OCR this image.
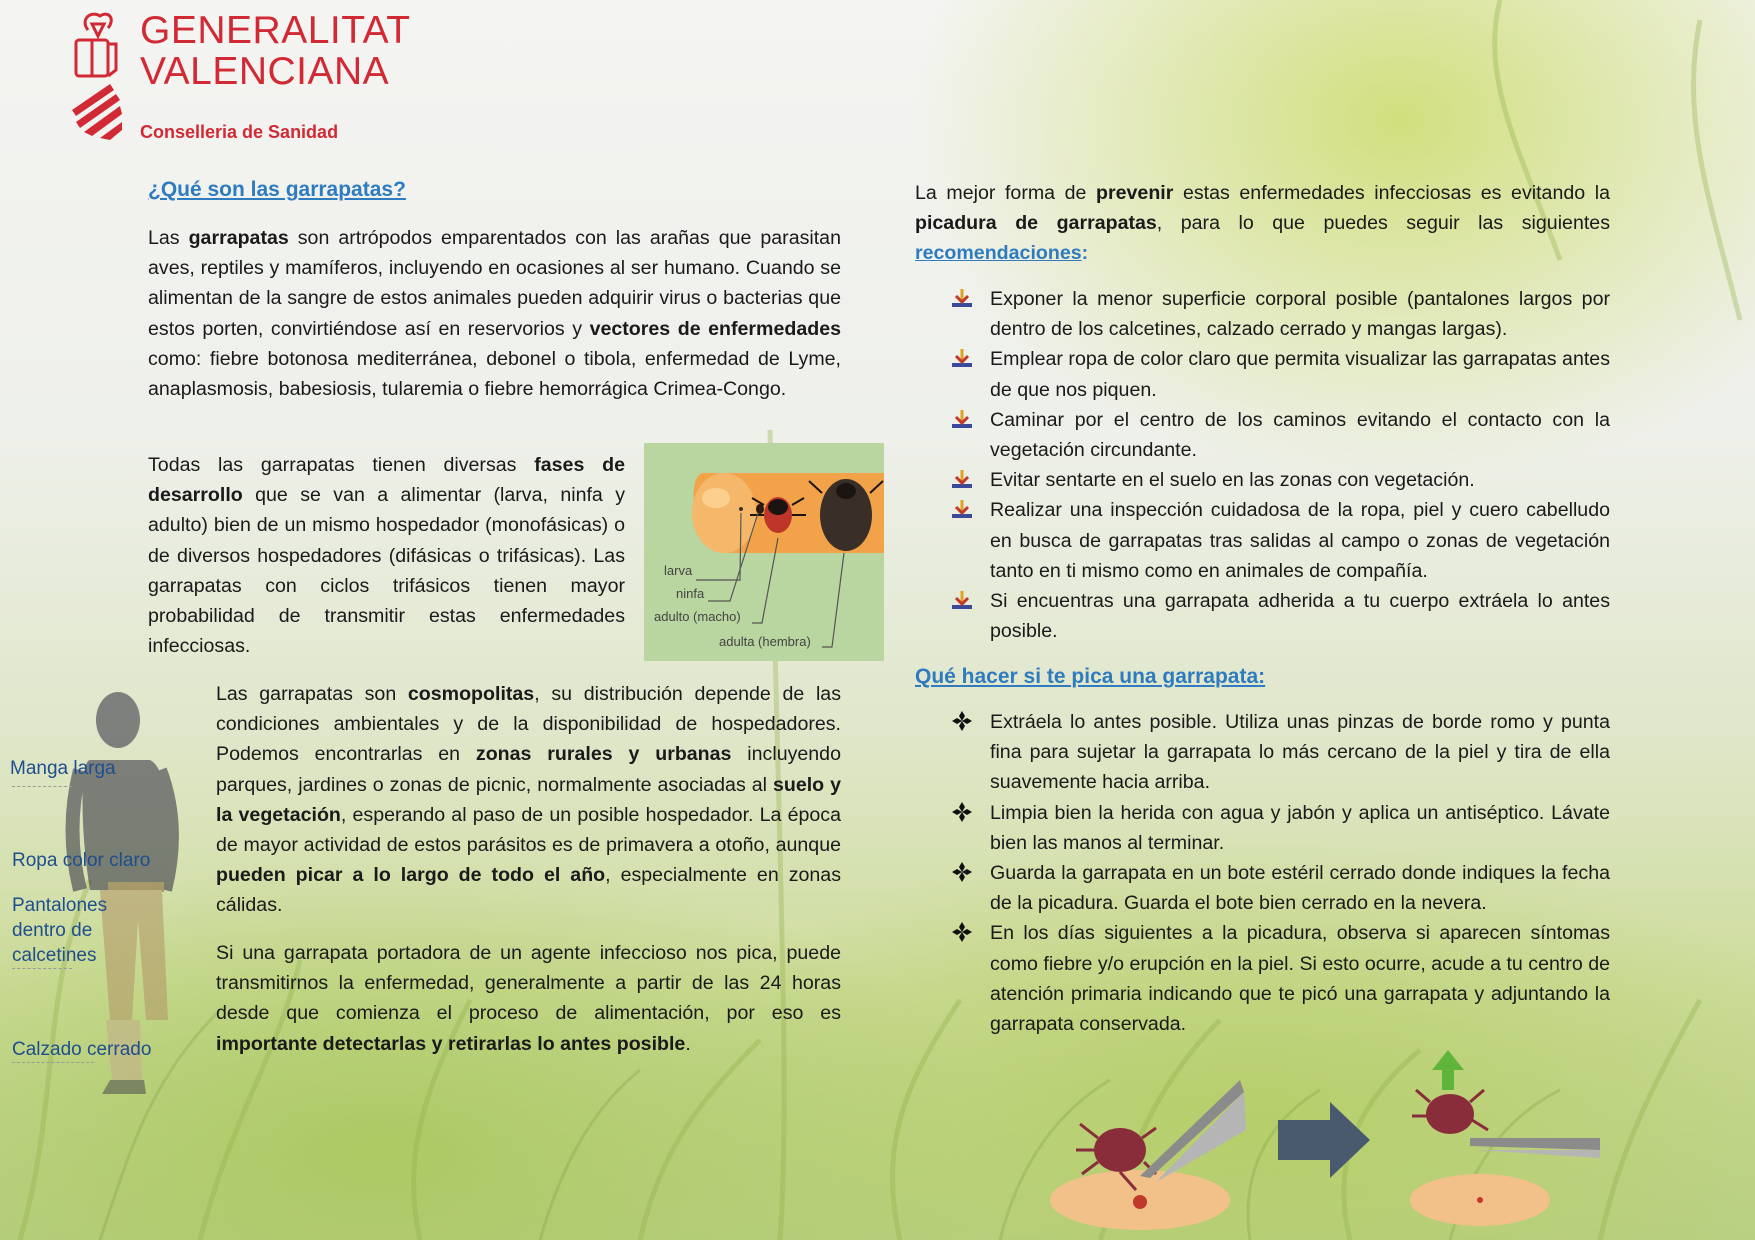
GENERALITAT
VALENCIANA
Conselleria de Sanidad
¿Qué son las garrapatas?
Las garrapatas son artrópodos emparentados con las arañas que parasitan aves, reptiles y mamíferos, incluyendo en ocasiones al ser humano. Cuando se alimentan de la sangre de estos animales pueden adquirir virus o bacterias que estos porten, convirtiéndose así en reservorios y vectores de enfermedades como: fiebre botonosa mediterránea, debonel o tibola, enfermedad de Lyme, anaplasmosis, babesiosis, tularemia o fiebre hemorrágica Crimea-Congo.
Todas las garrapatas tienen diversas fases de desarrollo que se van a alimentar (larva, ninfa y adulto) bien de un mismo hospedador (monofásicas) o de diversos hospedadores (difásicas o trifásicas). Las garrapatas con ciclos trifásicos tienen mayor probabilidad de transmitir estas enfermedades infecciosas.
larva
ninfa
adulto (macho)
adulta (hembra)
Las garrapatas son cosmopolitas, su distribución depende de las condiciones ambientales y de la disponibilidad de hospedadores. Podemos encontrarlas en zonas rurales y urbanas incluyendo parques, jardines o zonas de picnic, normalmente asociadas al suelo y la vegetación, esperando al paso de un posible hospedador. La época de mayor actividad de estos parásitos es de primavera a otoño, aunque pueden picar a lo largo de todo el año, especialmente en zonas cálidas.
Si una garrapata portadora de un agente infeccioso nos pica, puede transmitirnos la enfermedad, generalmente a partir de las 24 horas desde que comienza el proceso de alimentación, por eso es importante detectarlas y retirarlas lo antes posible.
Manga larga
Ropa color claro
Pantalones dentro de calcetines
Calzado cerrado
La mejor forma de prevenir estas enfermedades infecciosas es evitando la picadura de garrapatas, para lo que puedes seguir las siguientes recomendaciones:
Exponer la menor superficie corporal posible (pantalones largos por dentro de los calcetines, calzado cerrado y mangas largas).
Emplear ropa de color claro que permita visualizar las garrapatas antes de que nos piquen.
Caminar por el centro de los caminos evitando el contacto con la vegetación circundante.
Evitar sentarte en el suelo en las zonas con vegetación.
Realizar una inspección cuidadosa de la ropa, piel y cuero cabelludo en busca de garrapatas tras salidas al campo o zonas de vegetación tanto en ti mismo como en animales de compañía.
Si encuentras una garrapata adherida a tu cuerpo extráela lo antes posible.
Qué hacer si te pica una garrapata:
Extráela lo antes posible. Utiliza unas pinzas de borde romo y punta fina para sujetar la garrapata lo más cercano de la piel y tira de ella suavemente hacia arriba.
Limpia bien la herida con agua y jabón y aplica un antiséptico. Lávate bien las manos al terminar.
Guarda la garrapata en un bote estéril cerrado donde indiques la fecha de la picadura. Guarda el bote bien cerrado en la nevera.
En los días siguientes a la picadura, observa si aparecen síntomas como fiebre y/o erupción en la piel. Si esto ocurre, acude a tu centro de atención primaria indicando que te picó una garrapata y adjuntando la garrapata conservada.
